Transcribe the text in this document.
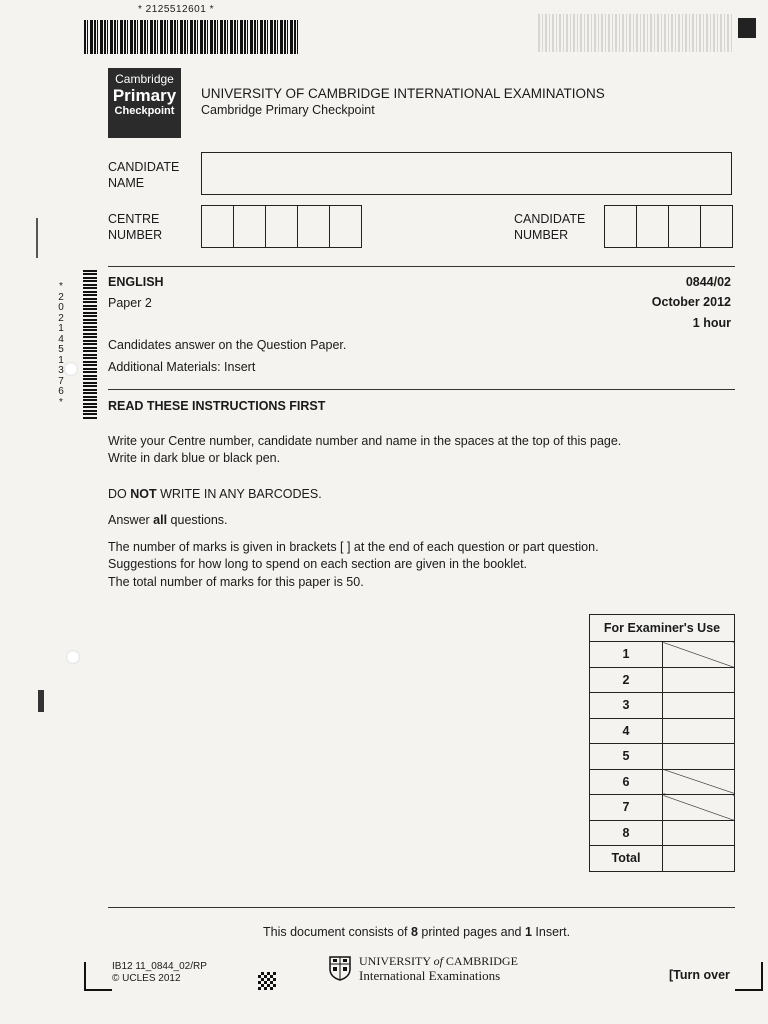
* 2125512601 *
Cambridge
Primary
Checkpoint
UNIVERSITY OF CAMBRIDGE INTERNATIONAL EXAMINATIONS
Cambridge Primary Checkpoint
CANDIDATE
NAME
CENTRE
NUMBER
CANDIDATE
NUMBER
*
2
0
2
1
4
5
1
3
7
6
*
ENGLISH
Paper 2
0844/02
October 2012
1 hour
Candidates answer on the Question Paper.
Additional Materials: Insert
READ THESE INSTRUCTIONS FIRST
Write your Centre number, candidate number and name in the spaces at the top of this page.
Write in dark blue or black pen.
DO NOT WRITE IN ANY BARCODES.
Answer all questions.
The number of marks is given in brackets [ ] at the end of each question or part question.
Suggestions for how long to spend on each section are given in the booklet.
The total number of marks for this paper is 50.
For Examiner's Use	
1	
2	
3	
4	
5	
6	
7	
8	
Total	
This document consists of 8 printed pages and 1 Insert.
IB12 11_0844_02/RP
© UCLES 2012
UNIVERSITY of CAMBRIDGE
International Examinations	[Turn over
